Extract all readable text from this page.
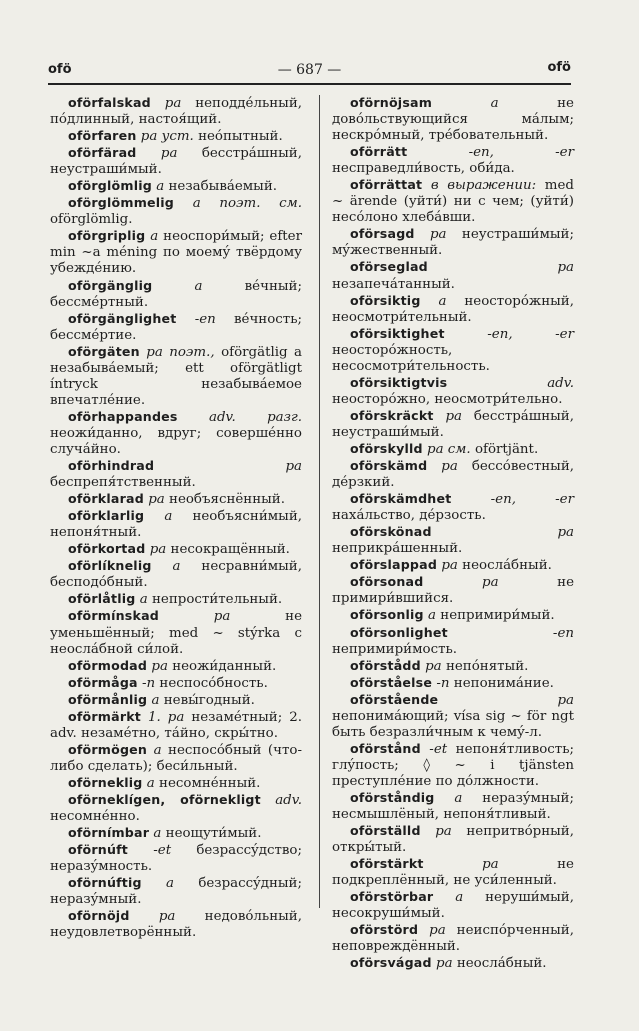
ofö	— 687 —	ofö

oförfalskad pa неподдéльный, пóдлинный, настоя́щий.

oförfaren pa уст. неóпытный.

oförfärad pa бесстрáшный, неустраши́мый.

oförglömlig a незабывáемый.

oförglömmelig a поэт. см. oförglömlig.

oförgriplig a неоспори́мый; efter min ~a méning по моемý твёрдому убеждéнию.

oförgänglig	a	вéчный; бессмéртный.

oförgänglighet -en вéчность; бессмéртие.

oförgäten pa поэт., oförgätlig a незабывáемый; ett oförgätligt íntryck незабывáемое впечатлéние.

oförhappandes adv. разг. неожи́данно, вдруг; совершéнно случáйно.

oförhindrad	pa беспрепя́тственный.

oförklarad pa необъяснённый.

oförklarlig a необъясни́мый, непоня́тный.

oförkortad pa несокращённый.

oförlíknelig a несравни́мый, бесподóбный.

oförlåtlig a непрости́тельный.

oförmínskad	pa	не уменьшённый; med ~ stýrka с неослáбной си́лой.

oförmodad pa неожи́данный.

oförmåga -n неспосóбность.

oförmånlig a невы́годный.

oförmärkt 1. pa незамéтный; 2. adv. незамéтно, тáйно, скры́тно.

oförmögen a неспосóбный (что-либо сделать); беси́льный.

oförneklig a несомнéнный.

oförneklígen, oförnekligt adv. несомнéнно.

oförnímbar a неощути́мый.

oförnúft -et безрассýдство; неразýмность.

oförnúftig a безрассýдный; неразýмный.

oförnöjd pa недовóльный, неудовлетворённый.

oförnöjsam	a	не довóльствующийся мáлым; нескрóмный, трéбовательный.

oförrätt	-en, -er несправедли́вость, оби́да.

oförrättat в выражении: med ~ ärende (уйти́) ни с чем; (уйти́) несóлоно хлебáвши.

oförsagd pa неустраши́мый; мýжественный.

oförseglad	pa незапечáтанный.

oförsiktig a неосторóжный, неосмотри́тельный.

oförsiktighet	-en, -er неосторóжность, несосмотри́тельность.

oförsiktigtvis	adv. неосторóжно, неосмотри́тельно.

oförskräckt pa бесстрáшный, неустраши́мый.

oförskylld pa см. oförtjänt.

oförskämd pa бессóвестный, дéрзкий.

oförskämdhet	-en, -er нахáльство, дéрзость.

oförskönad	pa неприкрáшенный.

oförslappad pa неослáбный.

oförsonad	pa	не примири́вшийся.

oförsonlig a непримири́мый.

oförsonlighet	-en непримири́мость.

oförstådd pa непóнятый.

oförståelse -n непонимáние.

oförstående	pa непонимáющий; vísa sig ~ för ngt быть безразли́чным к чемý-л.

oförstånd -et непоня́тливость; глýпость; ◊ ~ i tjänsten преступлéние по дóлжности.

oförståndig a неразýмный; несмышлёный, непоня́тливый.

oförställd pa непритвóрный, откры́тый.

oförstärkt	pa	не подкреплённый, не уси́ленный.

oförstörbar a неруши́мый, несокруши́мый.

oförstörd pa неиспóрченный, неповреждённый.

oförsvágad pa неослáбный.
